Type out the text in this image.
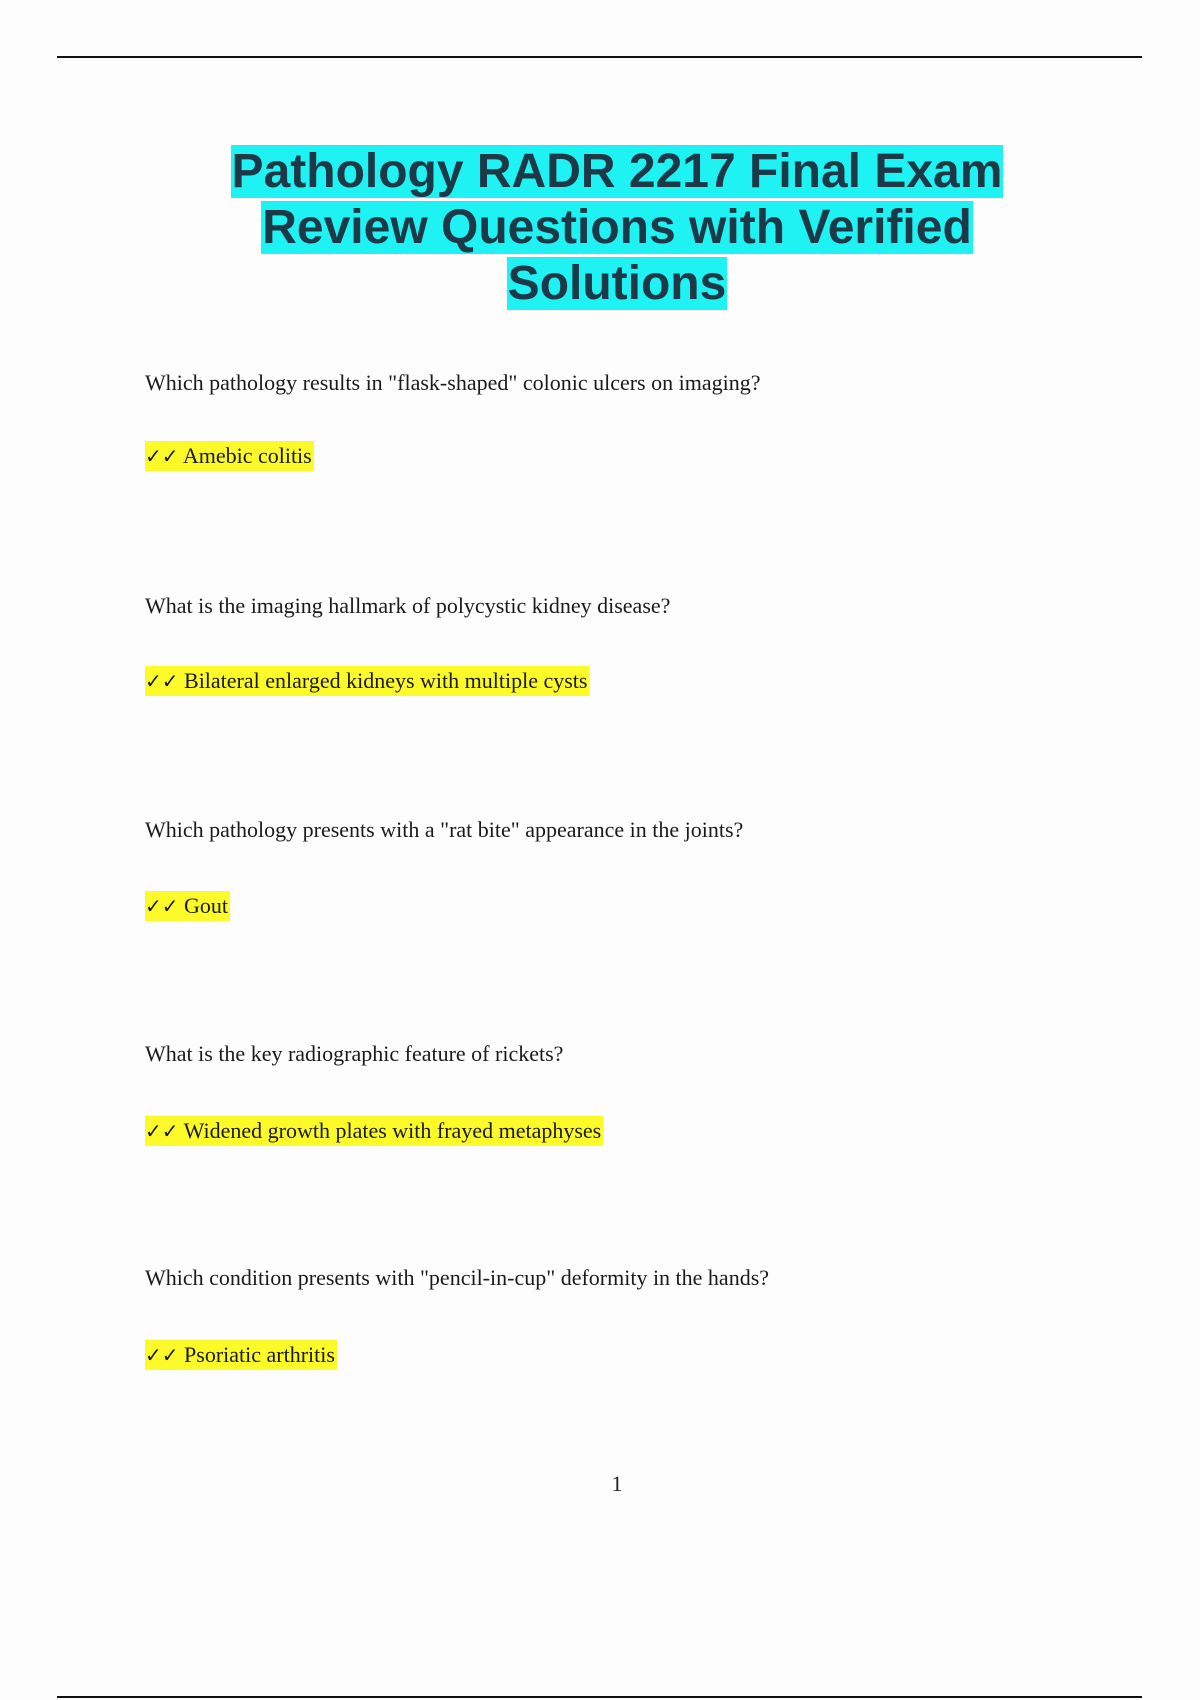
Pathology RADR 2217 Final Exam
Review Questions with Verified
Solutions
Which pathology results in "flask-shaped" colonic ulcers on imaging?
✓✓ Amebic colitis
What is the imaging hallmark of polycystic kidney disease?
✓✓ Bilateral enlarged kidneys with multiple cysts
Which pathology presents with a "rat bite" appearance in the joints?
✓✓ Gout
What is the key radiographic feature of rickets?
✓✓ Widened growth plates with frayed metaphyses
Which condition presents with "pencil-in-cup" deformity in the hands?
✓✓ Psoriatic arthritis
1
